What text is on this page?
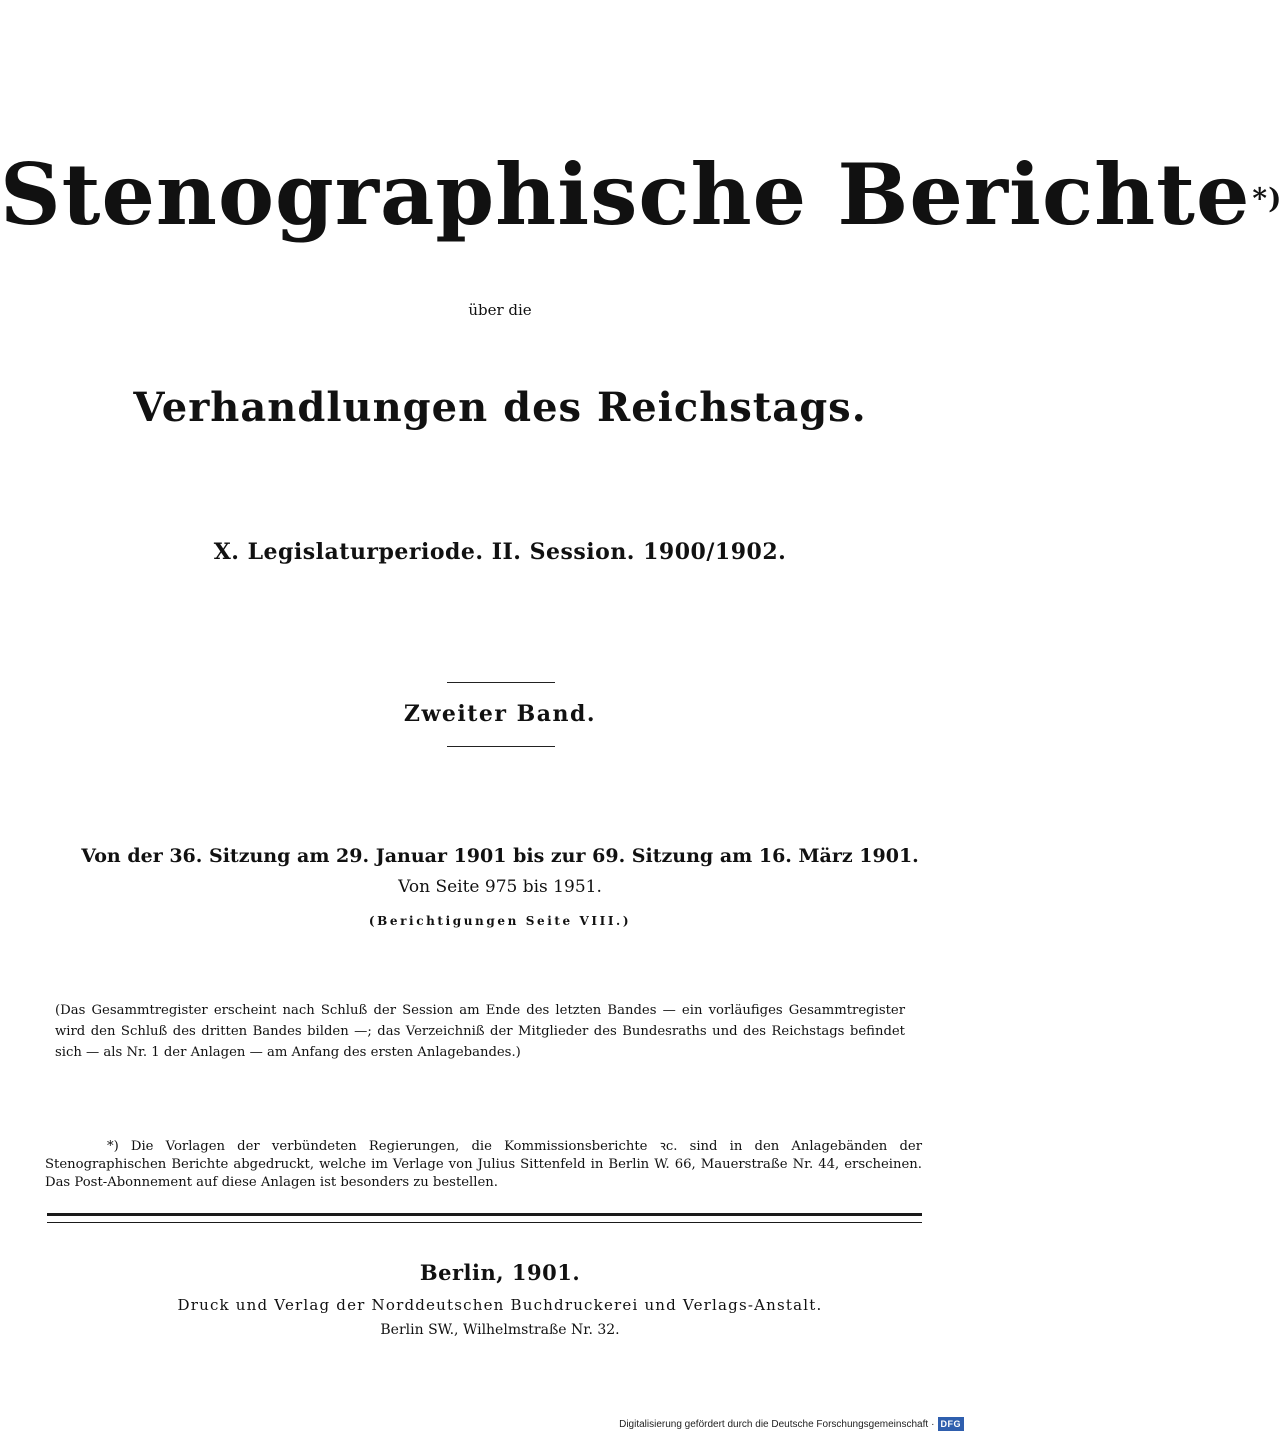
Stenographische Berichte*)
über die
Verhandlungen des Reichstags.
X. Legislaturperiode. II. Session. 1900/1902.
Zweiter Band.
Von der 36. Sitzung am 29. Januar 1901 bis zur 69. Sitzung am 16. März 1901.
Von Seite 975 bis 1951.
(Berichtigungen Seite VIII.)
(Das Gesammtregister erscheint nach Schluß der Session am Ende des letzten Bandes — ein vorläufiges Gesammtregister wird den Schluß des dritten Bandes bilden —; das Verzeichniß der Mitglieder des Bundesraths und des Reichstags befindet sich — als Nr. 1 der Anlagen — am Anfang des ersten Anlagebandes.)
*) Die Vorlagen der verbündeten Regierungen, die Kommissionsberichte ꝛc. sind in den Anlagebänden der Stenographischen Berichte abgedruckt, welche im Verlage von Julius Sittenfeld in Berlin W. 66, Mauerstraße Nr. 44, erscheinen. Das Post-Abonnement auf diese Anlagen ist besonders zu bestellen.
Berlin, 1901.
Druck und Verlag der Norddeutschen Buchdruckerei und Verlags-Anstalt.
Berlin SW., Wilhelmstraße Nr. 32.
Digitalisierung gefördert durch die Deutsche Forschungsgemeinschaft · DFG
